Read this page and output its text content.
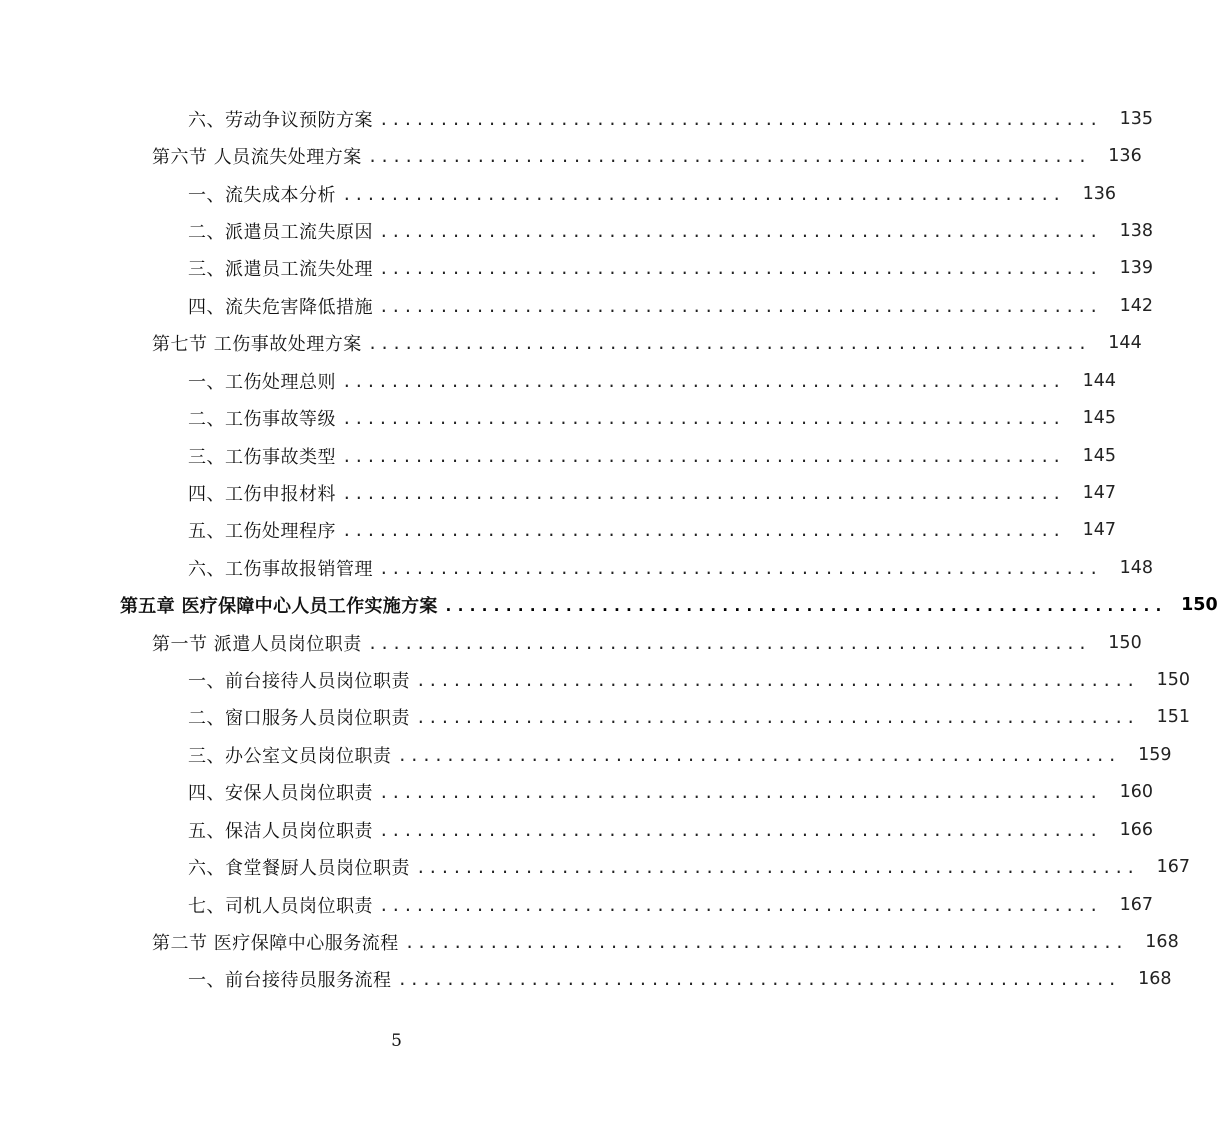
六、劳动争议预防方案 ............................................................	135
第六节 人员流失处理方案 ............................................................	136
一、流失成本分析 ............................................................	136
二、派遣员工流失原因 ............................................................	138
三、派遣员工流失处理 ............................................................	139
四、流失危害降低措施 ............................................................	142
第七节 工伤事故处理方案 ............................................................	144
一、工伤处理总则 ............................................................	144
二、工伤事故等级 ............................................................	145
三、工伤事故类型 ............................................................	145
四、工伤申报材料 ............................................................	147
五、工伤处理程序 ............................................................	147
六、工伤事故报销管理 ............................................................	148
第五章 医疗保障中心人员工作实施方案 ............................................................ 150
第一节 派遣人员岗位职责 ............................................................	150
一、前台接待人员岗位职责 ............................................................	150
二、窗口服务人员岗位职责 ............................................................	151
三、办公室文员岗位职责 ............................................................	159
四、安保人员岗位职责 ............................................................	160
五、保洁人员岗位职责 ............................................................	166
六、食堂餐厨人员岗位职责 ............................................................	167
七、司机人员岗位职责 ............................................................	167
第二节 医疗保障中心服务流程 ............................................................	168
一、前台接待员服务流程 ............................................................	168
5
